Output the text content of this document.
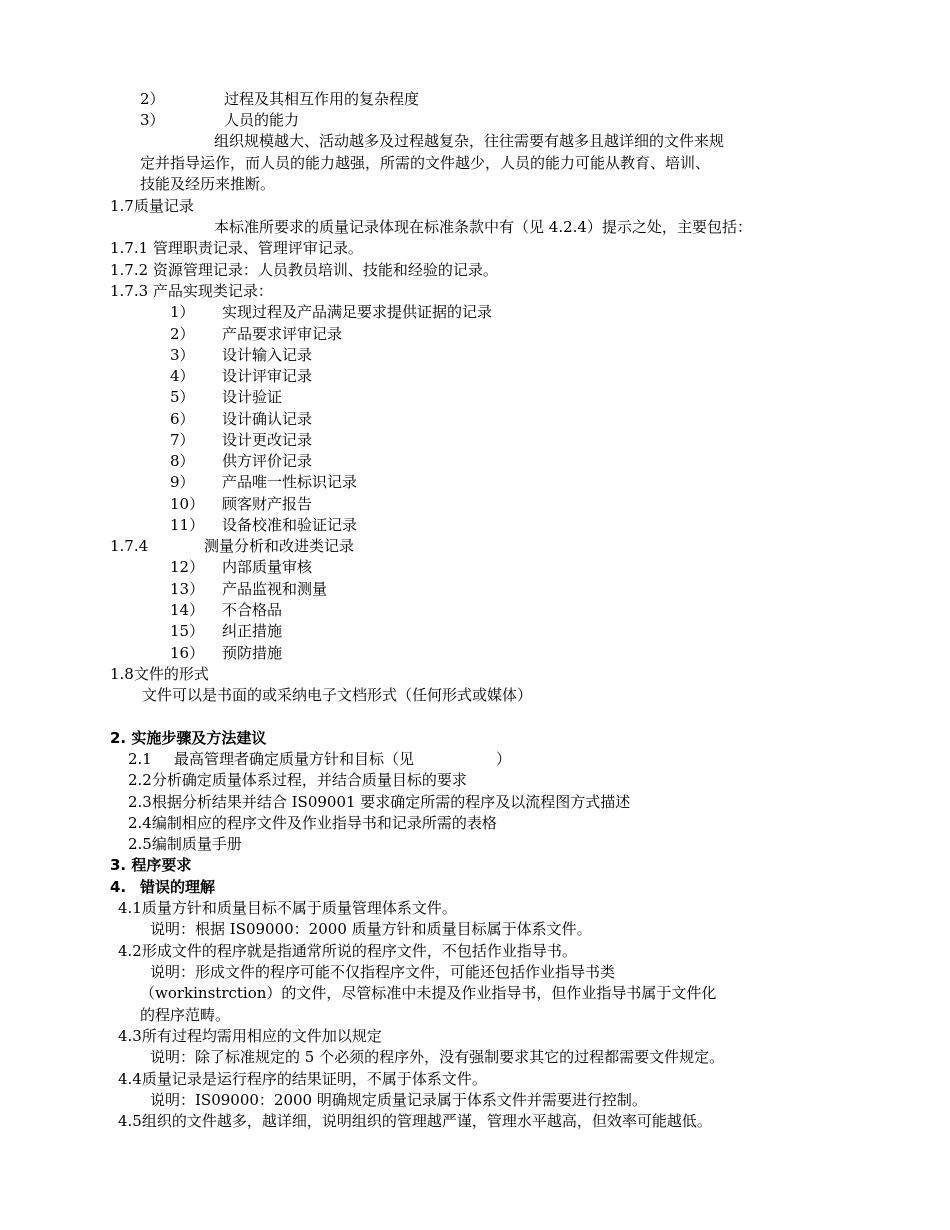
2）	过程及其相互作用的复杂程度
3）	人员的能力
组织规模越大、活动越多及过程越复杂，往往需要有越多且越详细的文件来规
定并指导运作，而人员的能力越强，所需的文件越少，人员的能力可能从教育、培训、
技能及经历来推断。
1.7质量记录
本标准所要求的质量记录体现在标准条款中有（见 4.2.4）提示之处，主要包括：
1.7.1 管理职责记录、管理评审记录。
1.7.2 资源管理记录：人员教员培训、技能和经验的记录。
1.7.3 产品实现类记录：
1） 实现过程及产品满足要求提供证据的记录
2） 产品要求评审记录
3） 设计输入记录
4） 设计评审记录
5） 设计验证
6） 设计确认记录
7） 设计更改记录
8） 供方评价记录
9） 产品唯一性标识记录
10） 顾客财产报告
11） 设备校准和验证记录
1.7.4	测量分析和改进类记录
12） 内部质量审核
13） 产品监视和测量
14） 不合格品
15） 纠正措施
16） 预防措施
1.8文件的形式
文件可以是书面的或采纳电子文档形式（任何形式或媒体）
2. 实施步骤及方法建议
2.1 最高管理者确定质量方针和目标（见	）
2.2分析确定质量体系过程，并结合质量目标的要求
2.3根据分析结果并结合 IS09001 要求确定所需的程序及以流程图方式描述
2.4编制相应的程序文件及作业指导书和记录所需的表格
2.5编制质量手册
3. 程序要求
4. 错误的理解
4.1质量方针和质量目标不属于质量管理体系文件。
说明：根据 IS09000：2000 质量方针和质量目标属于体系文件。
4.2形成文件的程序就是指通常所说的程序文件，不包括作业指导书。
说明：形成文件的程序可能不仅指程序文件，可能还包括作业指导书类
（workinstrction）的文件，尽管标准中未提及作业指导书，但作业指导书属于文件化
的程序范畴。
4.3所有过程均需用相应的文件加以规定
说明：除了标准规定的 5 个必须的程序外，没有强制要求其它的过程都需要文件规定。
4.4质量记录是运行程序的结果证明，不属于体系文件。
说明：IS09000：2000 明确规定质量记录属于体系文件并需要进行控制。
4.5组织的文件越多，越详细，说明组织的管理越严谨，管理水平越高，但效率可能越低。
